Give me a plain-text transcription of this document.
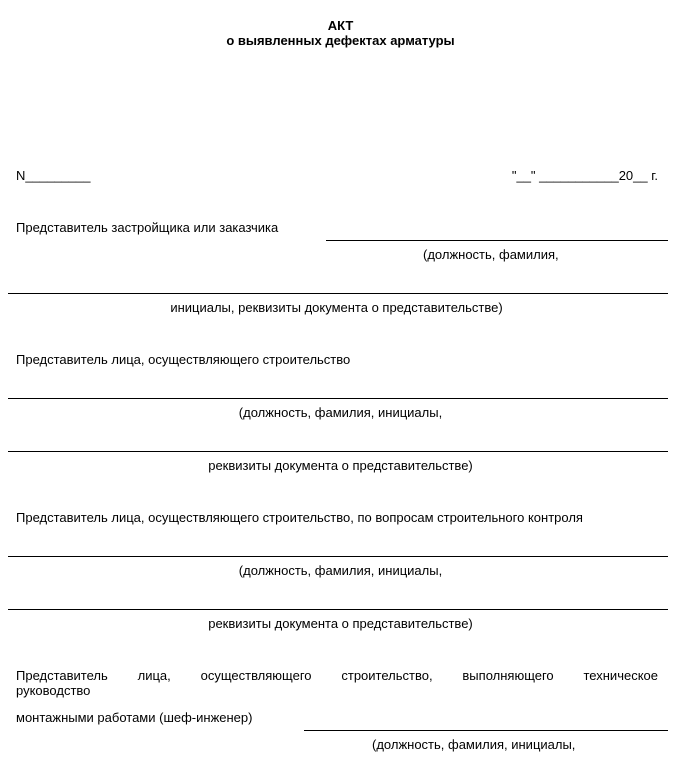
АКТ
о выявленных дефектах арматуры
N_________	"__" ___________20__ г.
Представитель застройщика или заказчика
(должность, фамилия,
инициалы, реквизиты документа о представительстве)
Представитель лица, осуществляющего строительство
(должность, фамилия, инициалы,
реквизиты документа о представительстве)
Представитель лица, осуществляющего строительство, по вопросам строительного контроля
(должность, фамилия, инициалы,
реквизиты документа о представительстве)
Представитель лица, осуществляющего строительство, выполняющего техническое
руководство
монтажными работами (шеф-инженер)
(должность, фамилия, инициалы,
